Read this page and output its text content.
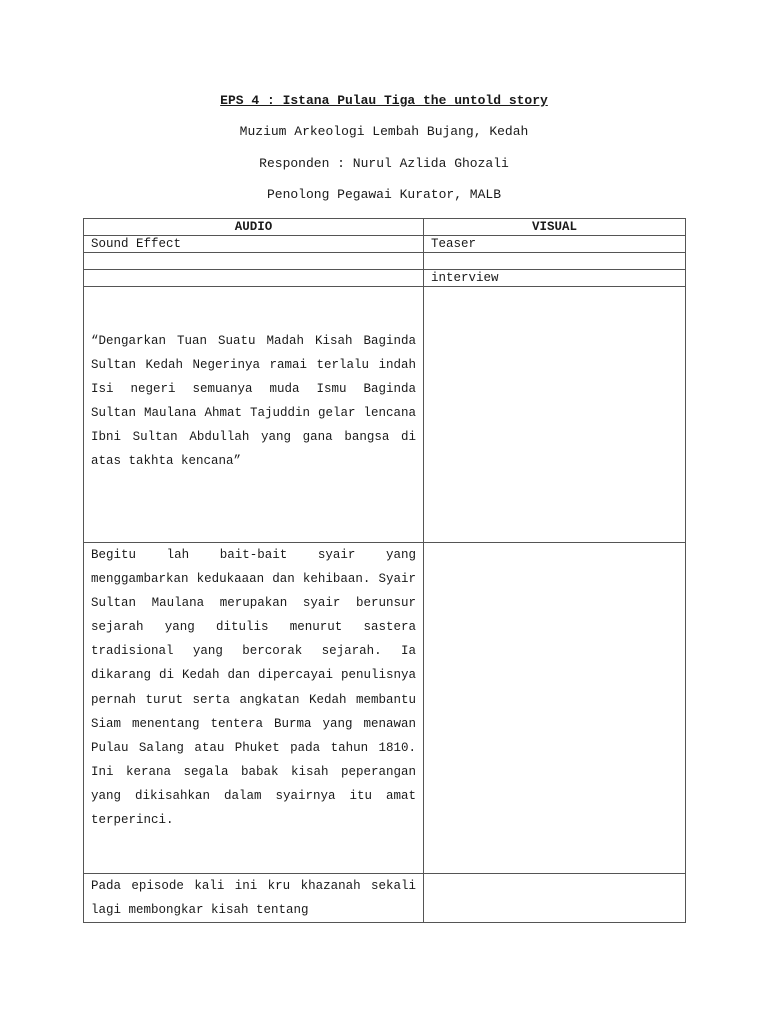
EPS 4 : Istana Pulau Tiga the untold story
Muzium Arkeologi Lembah Bujang, Kedah
Responden : Nurul Azlida Ghozali
Penolong Pegawai Kurator, MALB
AUDIO	VISUAL
Sound Effect	Teaser

	interview

“Dengarkan Tuan Suatu Madah Kisah Baginda Sultan Kedah Negerinya ramai terlalu indah Isi negeri semuanya muda Ismu Baginda Sultan Maulana Ahmat Tajuddin gelar lencana Ibni Sultan Abdullah yang gana bangsa di atas takhta kencana”	

Begitu lah bait-bait syair yang menggambarkan kedukaaan dan kehibaan. Syair Sultan Maulana merupakan syair berunsur sejarah yang ditulis menurut sastera tradisional yang bercorak sejarah. Ia dikarang di Kedah dan dipercayai penulisnya pernah turut serta angkatan Kedah membantu Siam menentang tentera Burma yang menawan Pulau Salang atau Phuket pada tahun 1810. Ini kerana segala babak kisah peperangan yang dikisahkan dalam syairnya itu amat terperinci.	

Pada episode kali ini kru khazanah sekali lagi membongkar kisah tentang	
